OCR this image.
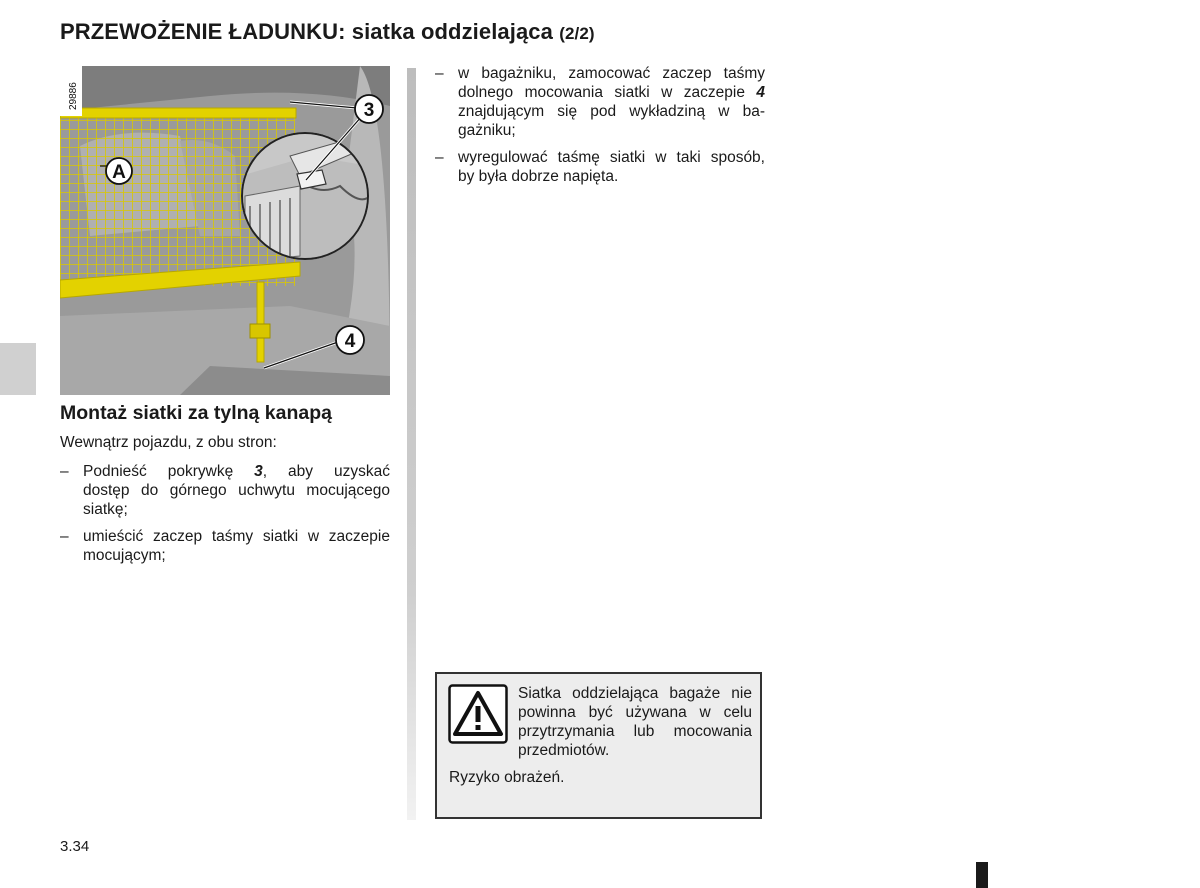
PRZEWOŻENIE ŁADUNKU: siatka oddzielająca (2/2)
A
3
4
29886
Montaż siatki za tylną kanapą

Wewnątrz pojazdu, z obu stron:

– Podnieść pokrywkę 3, aby uzyskać
dostęp do górnego uchwytu mocującego
siatkę;
– umieścić zaczep taśmy siatki w zaczepie
mocującym;
– w bagażniku, zamocować zaczep taśmy
dolnego mocowania siatki w zaczepie 4
znajdującym się pod wykładziną w ba-
gażniku;
– wyregulować taśmę siatki w taki sposób,
by była dobrze napięta.
Siatka oddzielająca bagaże nie
powinna być używana w celu
przytrzymania lub mocowania
przedmiotów.
Ryzyko obrażeń.
3.34
